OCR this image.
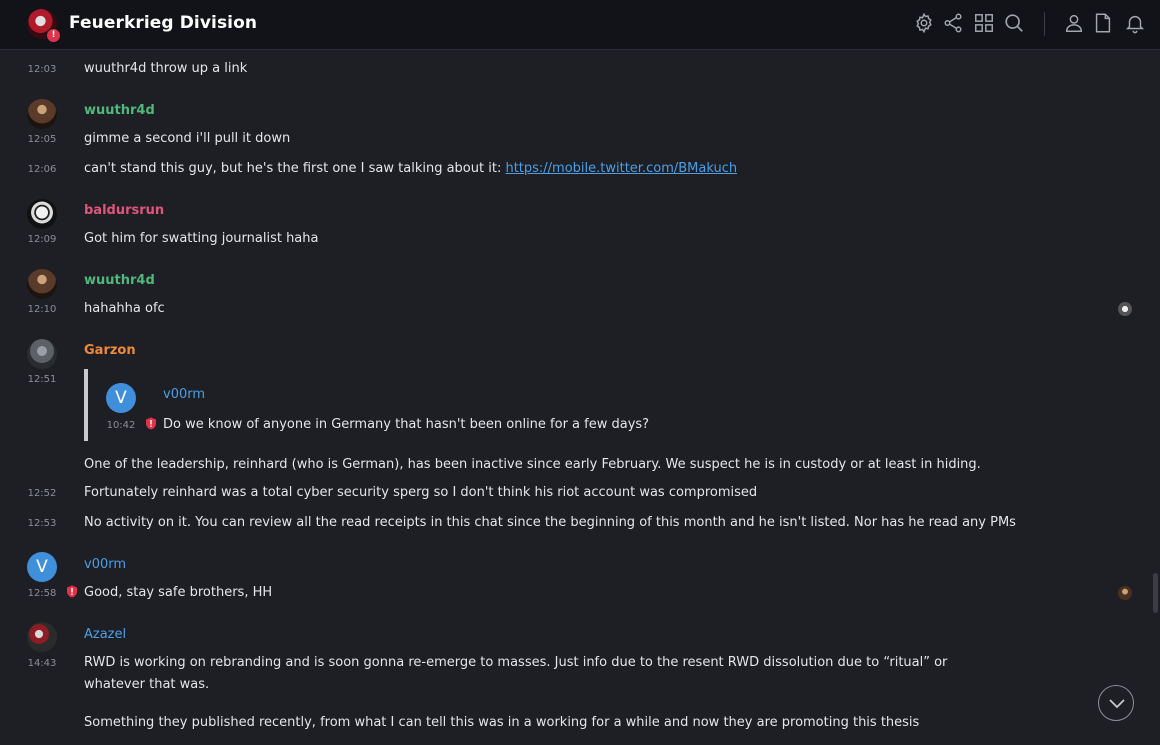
!
Feuerkrieg Division
12:03	wuuthr4d throw up a link
wuuthr4d
12:05	gimme a second i'll pull it down
12:06	can't stand this guy, but he's the first one I saw talking about it: https://mobile.twitter.com/BMakuch
baldursrun
12:09	Got him for swatting journalist haha
wuuthr4d
12:10	hahahha ofc
Garzon
12:51
V	v00rm
10:42	Do we know of anyone in Germany that hasn't been online for a few days?
One of the leadership, reinhard (who is German), has been inactive since early February. We suspect he is in custody or at least in hiding.
12:52	Fortunately reinhard was a total cyber security sperg so I don't think his riot account was compromised
12:53	No activity on it. You can review all the read receipts in this chat since the beginning of this month and he isn't listed. Nor has he read any PMs
V	v00rm
12:58	Good, stay safe brothers, HH
Azazel
14:43	RWD is working on rebranding and is soon gonna re-emerge to masses. Just info due to the resent RWD dissolution due to “ritual” or whatever that was.
Something they published recently, from what I can tell this was in a working for a while and now they are promoting this thesis
